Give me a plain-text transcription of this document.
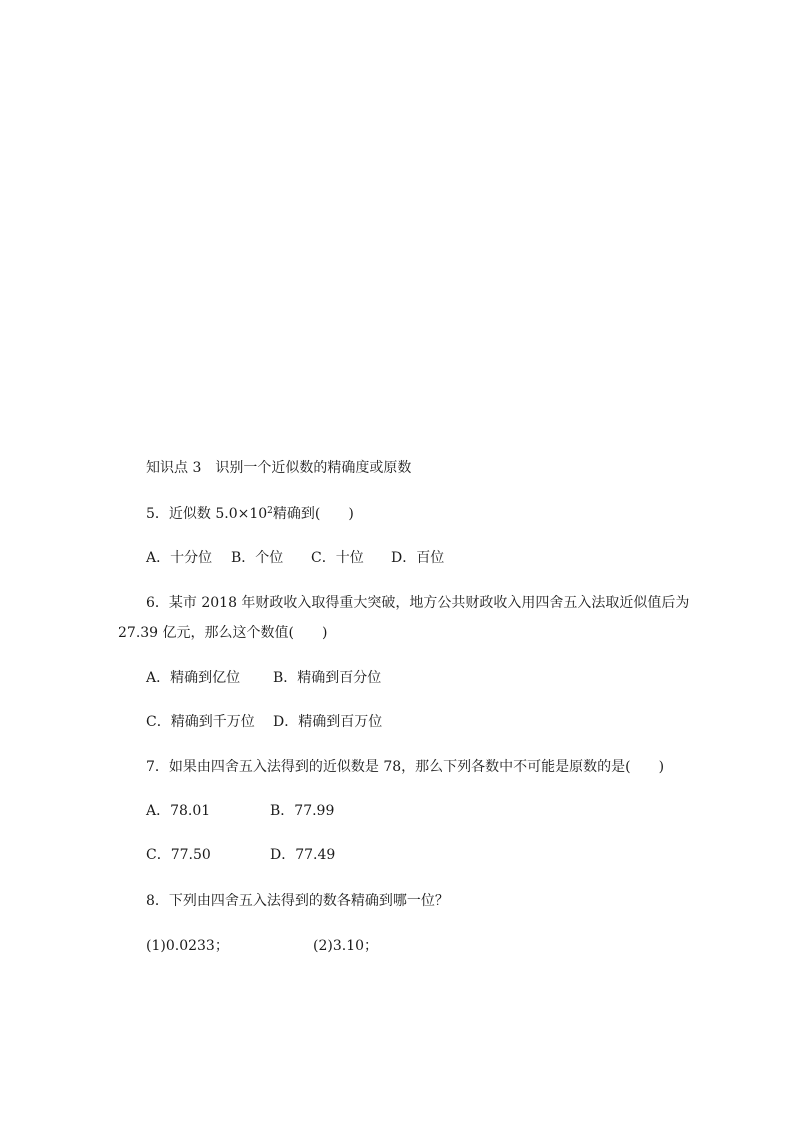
知识点 3　识别一个近似数的精确度或原数
5．近似数 $5.0\times 10^2$精确到(　　)
A．十分位 B．个位 C．十位 D．百位
6．某市 2018 年财政收入取得重大突破，地方公共财政收入用四舍五入法取近似值后为
27.39 亿元，那么这个数值(　　)
A．精确到亿位 B．精确到百分位
C．精确到千万位 D．精确到百万位
7．如果由四舍五入法得到的近似数是 78，那么下列各数中不可能是原数的是(　　)
A．78.01	B．77.99
C．77.50	D．77.49
8．下列由四舍五入法得到的数各精确到哪一位？
(1)0.0233；	(2)3.10；
